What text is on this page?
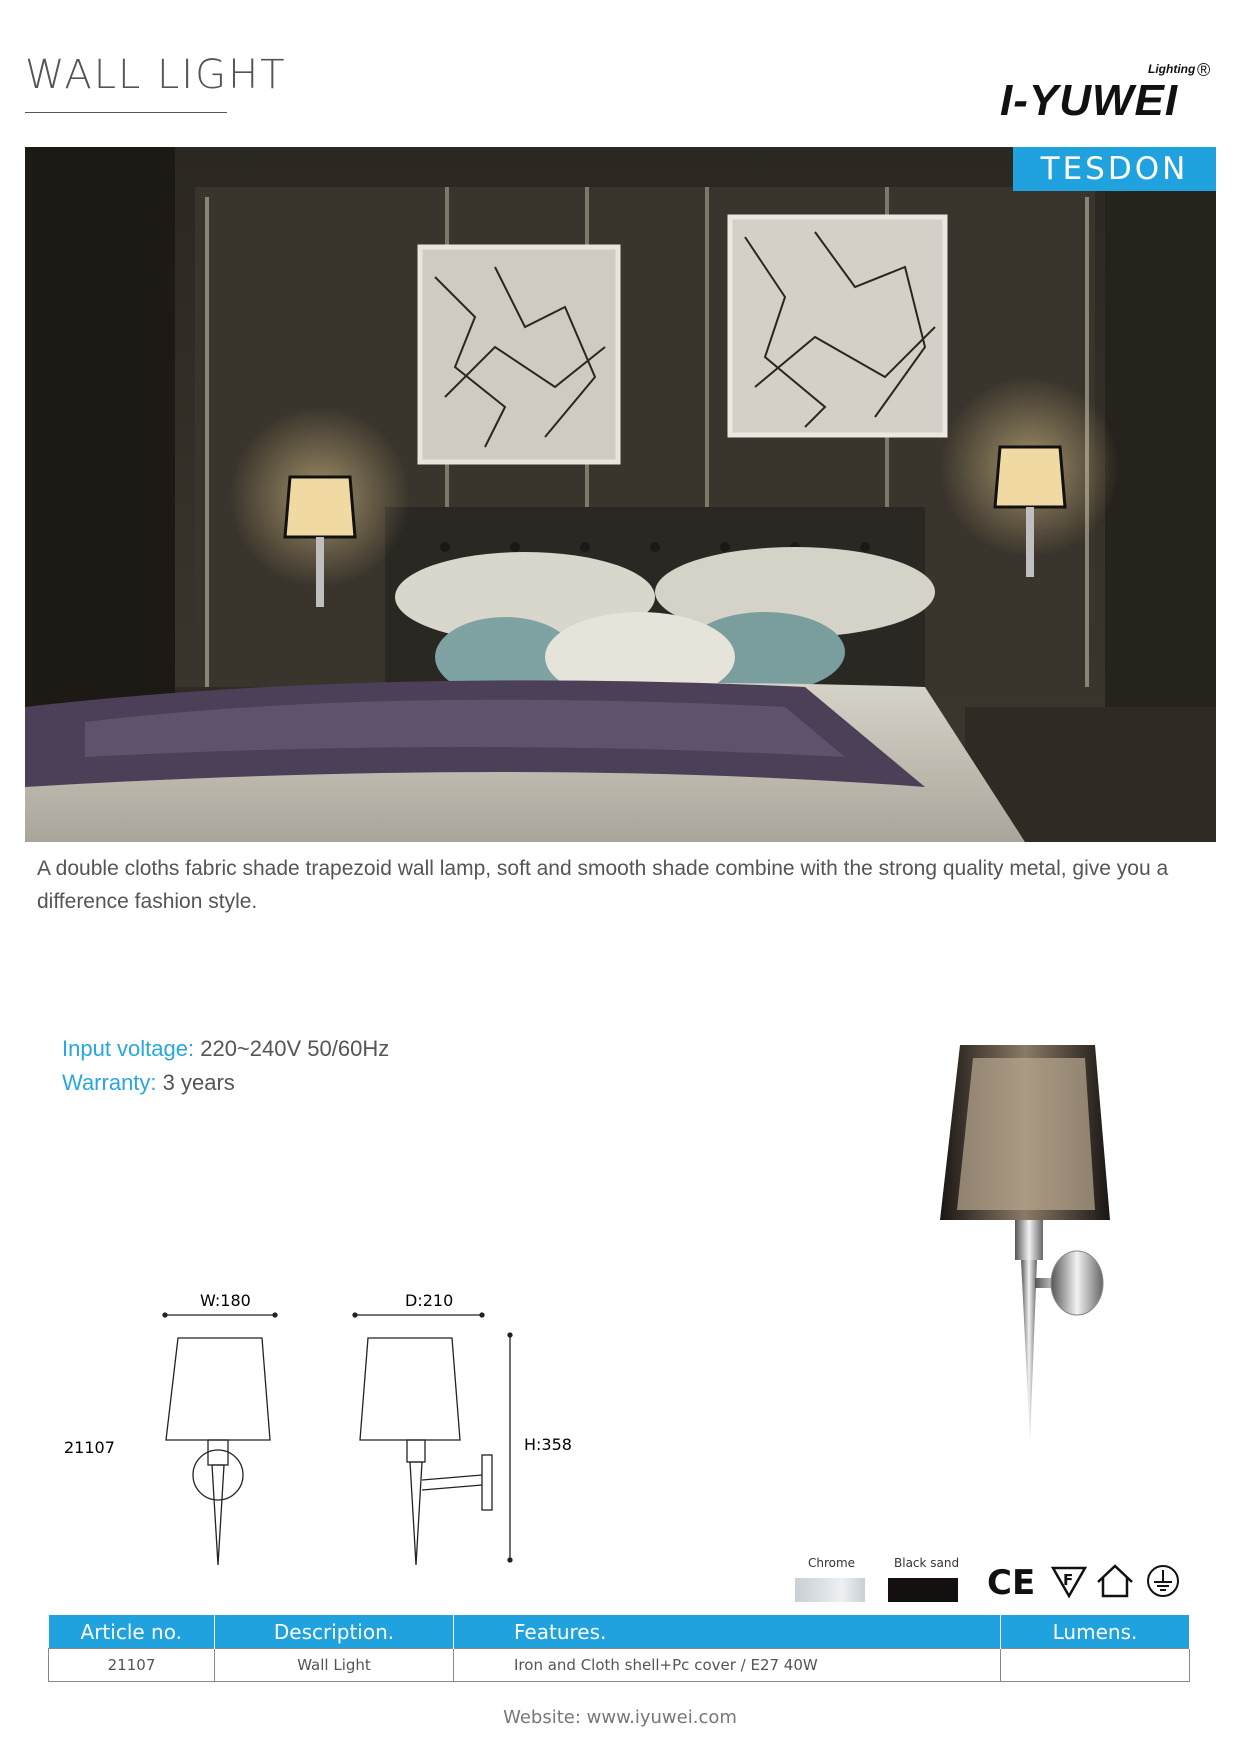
WALL LIGHT
I-YUWEI
Lighting ®
TESDON
A double cloths fabric shade trapezoid wall lamp, soft and smooth shade combine with the strong quality metal, give you a difference fashion style.
Input voltage: 220~240V 50/60Hz
Warranty: 3 years
W:180	D:210
H:358
21107
Chrome	Black sand CE F
Article no.	Description.	Features.	Lumens.
21107	Wall Light	Iron and Cloth shell+Pc cover / E27 40W	
Website: www.iyuwei.com
